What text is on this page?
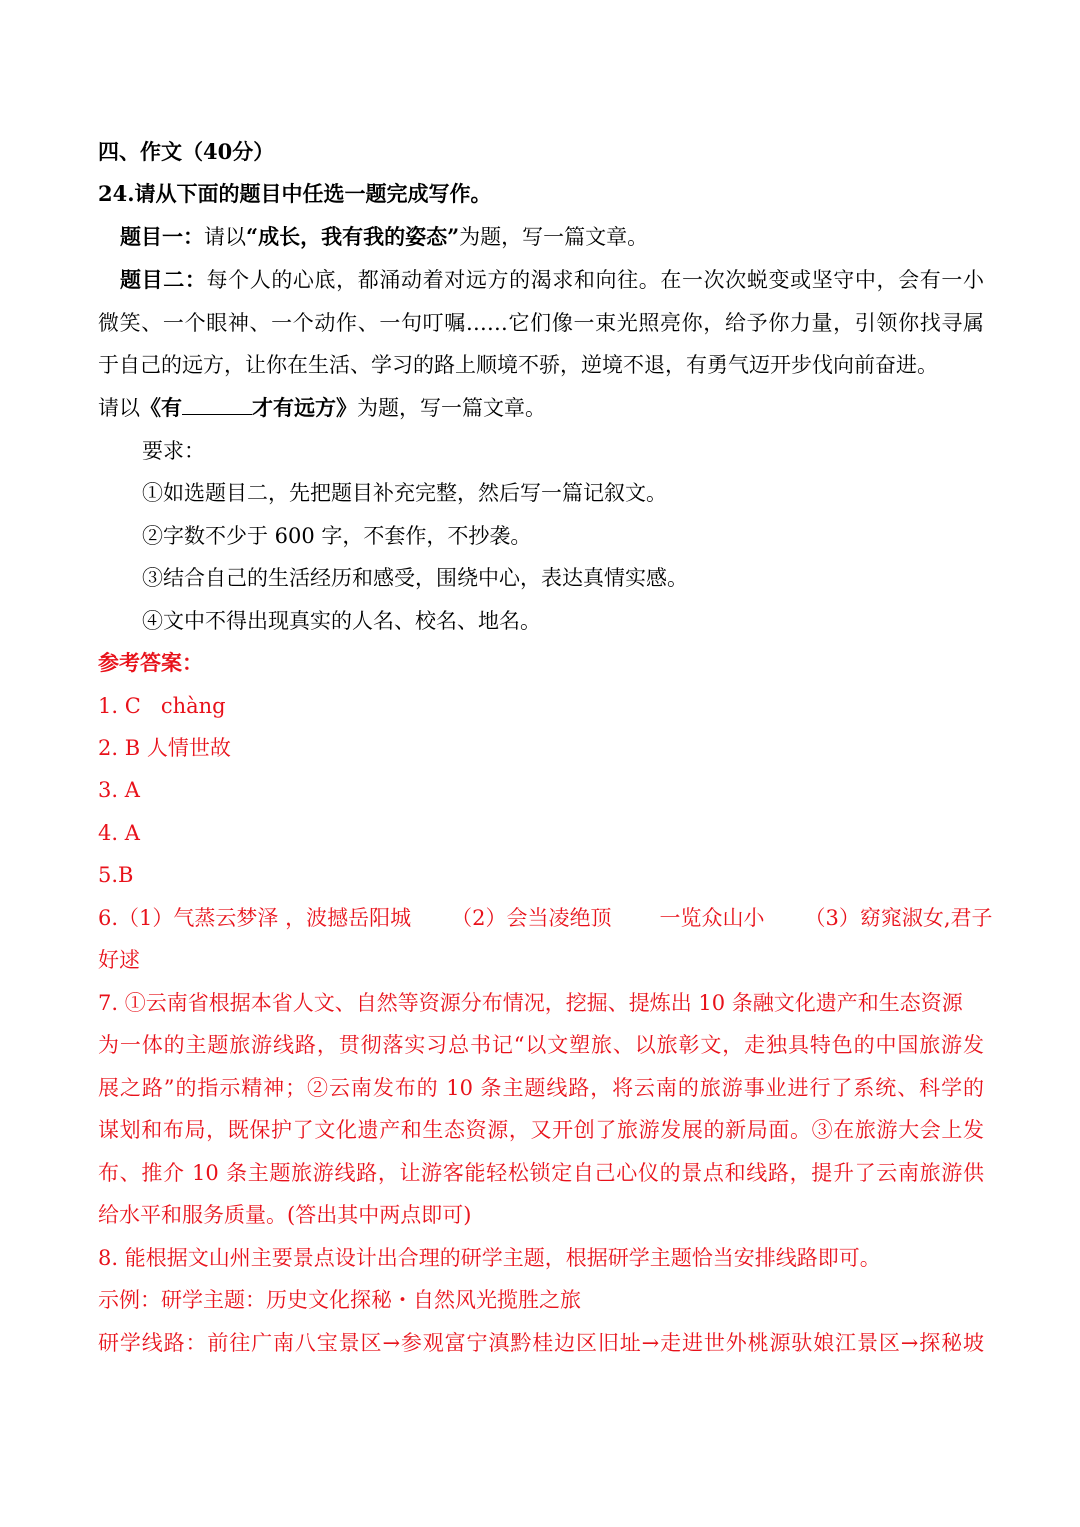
四、作文（40分）
24.请从下面的题目中任选一题完成写作。
题目一：请以“成长，我有我的姿态”为题，写一篇文章。
题目二：每个人的心底，都涌动着对远方的渴求和向往。在一次次蜕变或坚守中，会有一小
微笑、一个眼神、一个动作、一句叮嘱……它们像一束光照亮你，给予你力量，引领你找寻属
于自己的远方，让你在生活、学习的路上顺境不骄，逆境不退，有勇气迈开步伐向前奋进。
请以《有	才有远方》为题，写一篇文章。
要求：
①如选题目二，先把题目补充完整，然后写一篇记叙文。
②字数不少于 600 字，不套作，不抄袭。
③结合自己的生活经历和感受，围绕中心，表达真情实感。
④文中不得出现真实的人名、校名、地名。
参考答案：
1. C chàng
2. B 人情世故
3. A
4. A
5.B
6.（1）气蒸云梦泽 ，波撼岳阳城 （2）会当凌绝顶 一览众山小 （3）窈窕淑女,君子
好逑
7. ①云南省根据本省人文、自然等资源分布情况，挖掘、提炼出 10 条融文化遗产和生态资源
为一体的主题旅游线路，贯彻落实习总书记“以文塑旅、以旅彰文，走独具特色的中国旅游发
展之路”的指示精神；②云南发布的 10 条主题线路，将云南的旅游事业进行了系统、科学的
谋划和布局，既保护了文化遗产和生态资源，又开创了旅游发展的新局面。③在旅游大会上发
布、推介 10 条主题旅游线路，让游客能轻松锁定自己心仪的景点和线路，提升了云南旅游供
给水平和服务质量。(答出其中两点即可)
8. 能根据文山州主要景点设计出合理的研学主题，根据研学主题恰当安排线路即可。
示例：研学主题：历史文化探秘・自然风光揽胜之旅
研学线路：前往广南八宝景区→参观富宁滇黔桂边区旧址→走进世外桃源驮娘江景区→探秘坡
